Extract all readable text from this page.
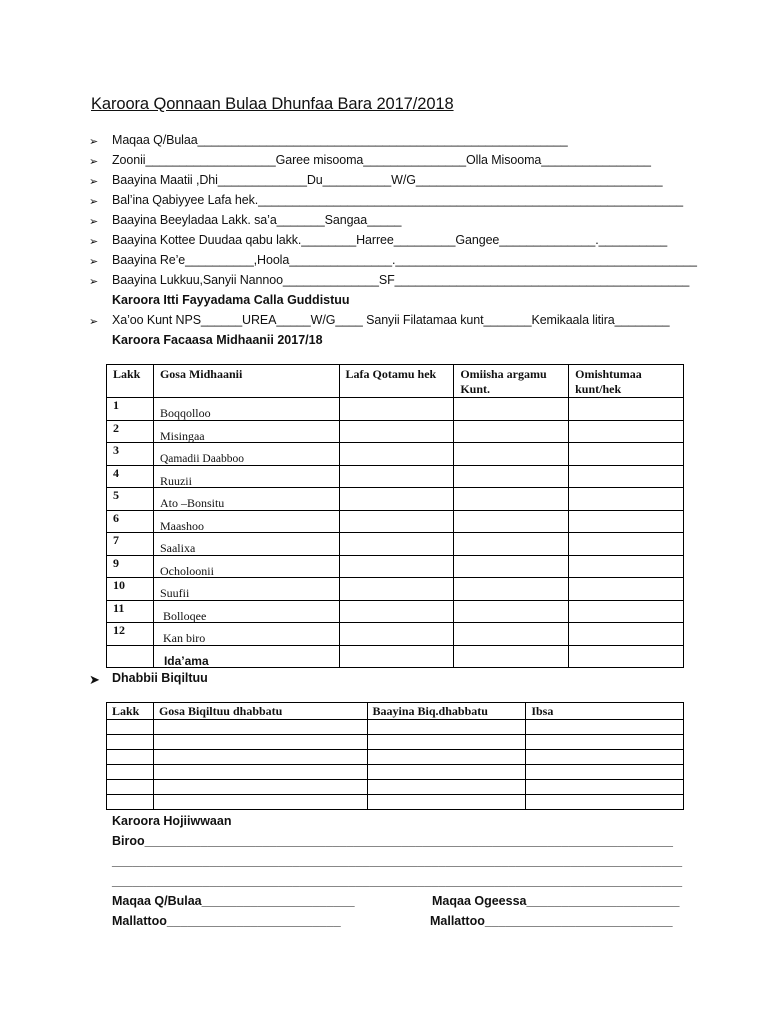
Karoora Qonnaan Bulaa Dhunfaa Bara 2017/2018
➢ Maqaa Q/Bulaa______________________________________________________
➢ Zoonii___________________Garee misooma_______________Olla Misooma________________
➢ Baayina Maatii ,Dhi_____________Du__________W/G____________________________________
➢ Bal’ina Qabiyyee Lafa hek.______________________________________________________________
➢ Baayina Beeyladaa Lakk. sa’a_______Sangaa_____
➢ Baayina Kottee Duudaa qabu lakk.________Harree_________Gangee______________.__________
➢ Baayina Re’e__________,Hoola_______________.____________________________________________
➢ Baayina Lukkuu,Sanyii Nannoo______________SF___________________________________________
Karoora Itti Fayyadama Calla Guddistuu
➢ Xa’oo Kunt NPS______UREA_____W/G____ Sanyii Filatamaa kunt_______Kemikaala litira________
Karoora Facaasa Midhaanii 2017/18
Lakk	Gosa Midhaanii	Lafa Qotamu hek	Omiisha argamu Kunt.	Omishtumaa kunt/hek
1	Boqqolloo			
2	Misingaa			
3	Qamadii Daabboo			
4	Ruuzii			
5	Ato –Bonsitu			
6	Maashoo			
7	Saalixa			
9	Ocholoonii			
10	Suufii			
11	Bolloqee			
12	Kan biro			
	Ida’ama			
➤ Dhabbii Biqiltuu
Lakk	Gosa Biqiltuu dhabbatu	Baayina Biq.dhabbatu	Ibsa

Karoora Hojiiwwaan
Biroo____________________________________________________________________________
__________________________________________________________________________________
__________________________________________________________________________________
Maqaa Q/Bulaa______________________	Maqaa Ogeessa______________________
Mallattoo_________________________	Mallattoo___________________________
